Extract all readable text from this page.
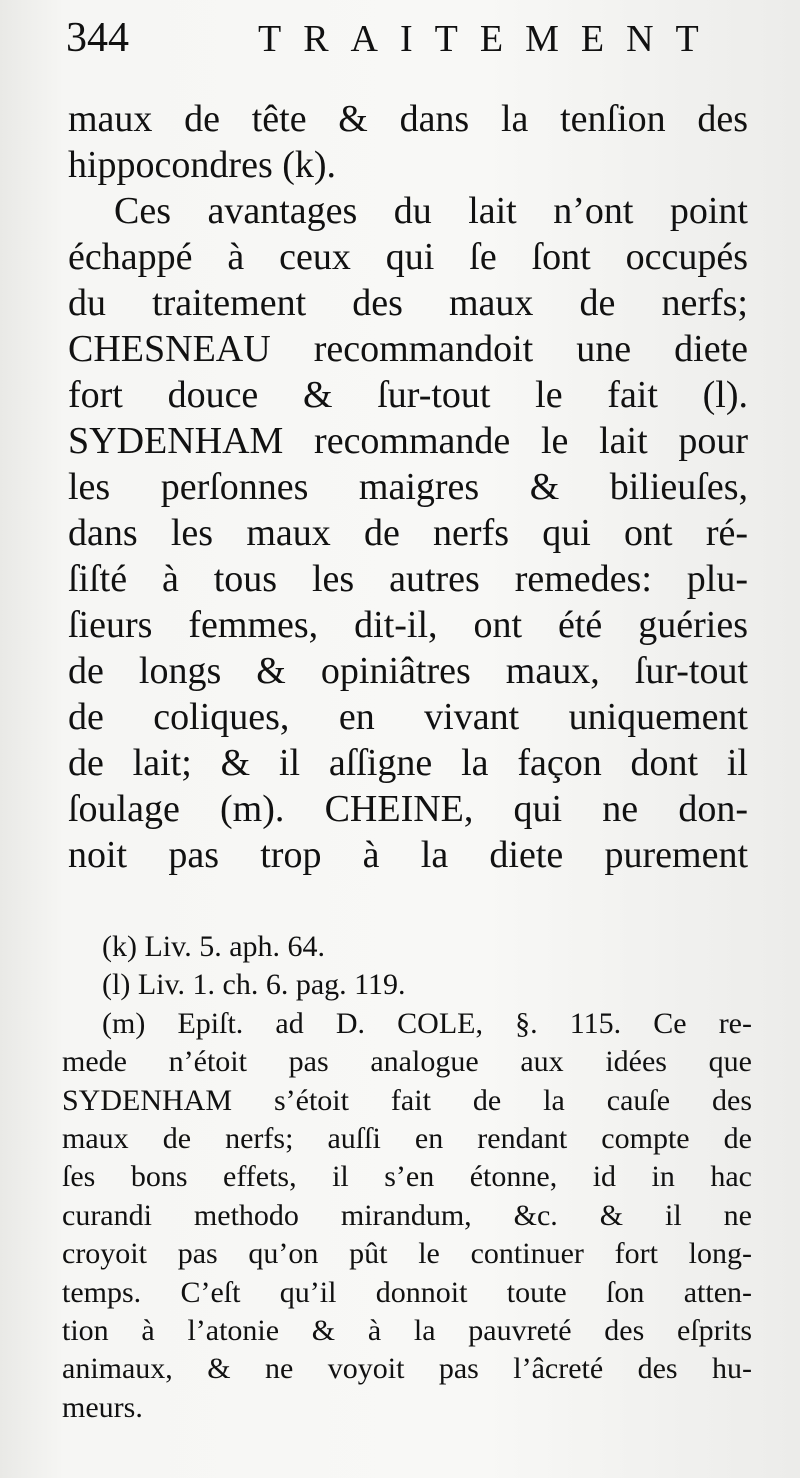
344	TRAITEMENT
maux de tête & dans la tenſion des
hippocondres (k).
Ces avantages du lait n’ont point
échappé à ceux qui ſe ſont occupés
du traitement des maux de nerfs;
CHESNEAU recommandoit une diete
fort douce & ſur-tout le fait (l).
SYDENHAM recommande le lait pour
les perſonnes maigres & bilieuſes,
dans les maux de nerfs qui ont ré-
ſiſté à tous les autres remedes: plu-
ſieurs femmes, dit-il, ont été guéries
de longs & opiniâtres maux, ſur-tout
de coliques, en vivant uniquement
de lait; & il aſſigne la façon dont il
ſoulage (m). CHEINE, qui ne don-
noit pas trop à la diete purement
(k) Liv. 5. aph. 64.
(l) Liv. 1. ch. 6. pag. 119.
(m) Epiſt. ad D. COLE, §. 115. Ce re-
mede n’étoit pas analogue aux idées que
SYDENHAM s’étoit fait de la cauſe des
maux de nerfs; auſſi en rendant compte de
ſes bons effets, il s’en étonne, id in hac
curandi methodo mirandum, &c. & il ne
croyoit pas qu’on pût le continuer fort long-
temps. C’eſt qu’il donnoit toute ſon atten-
tion à l’atonie & à la pauvreté des eſprits
animaux, & ne voyoit pas l’âcreté des hu-
meurs.
